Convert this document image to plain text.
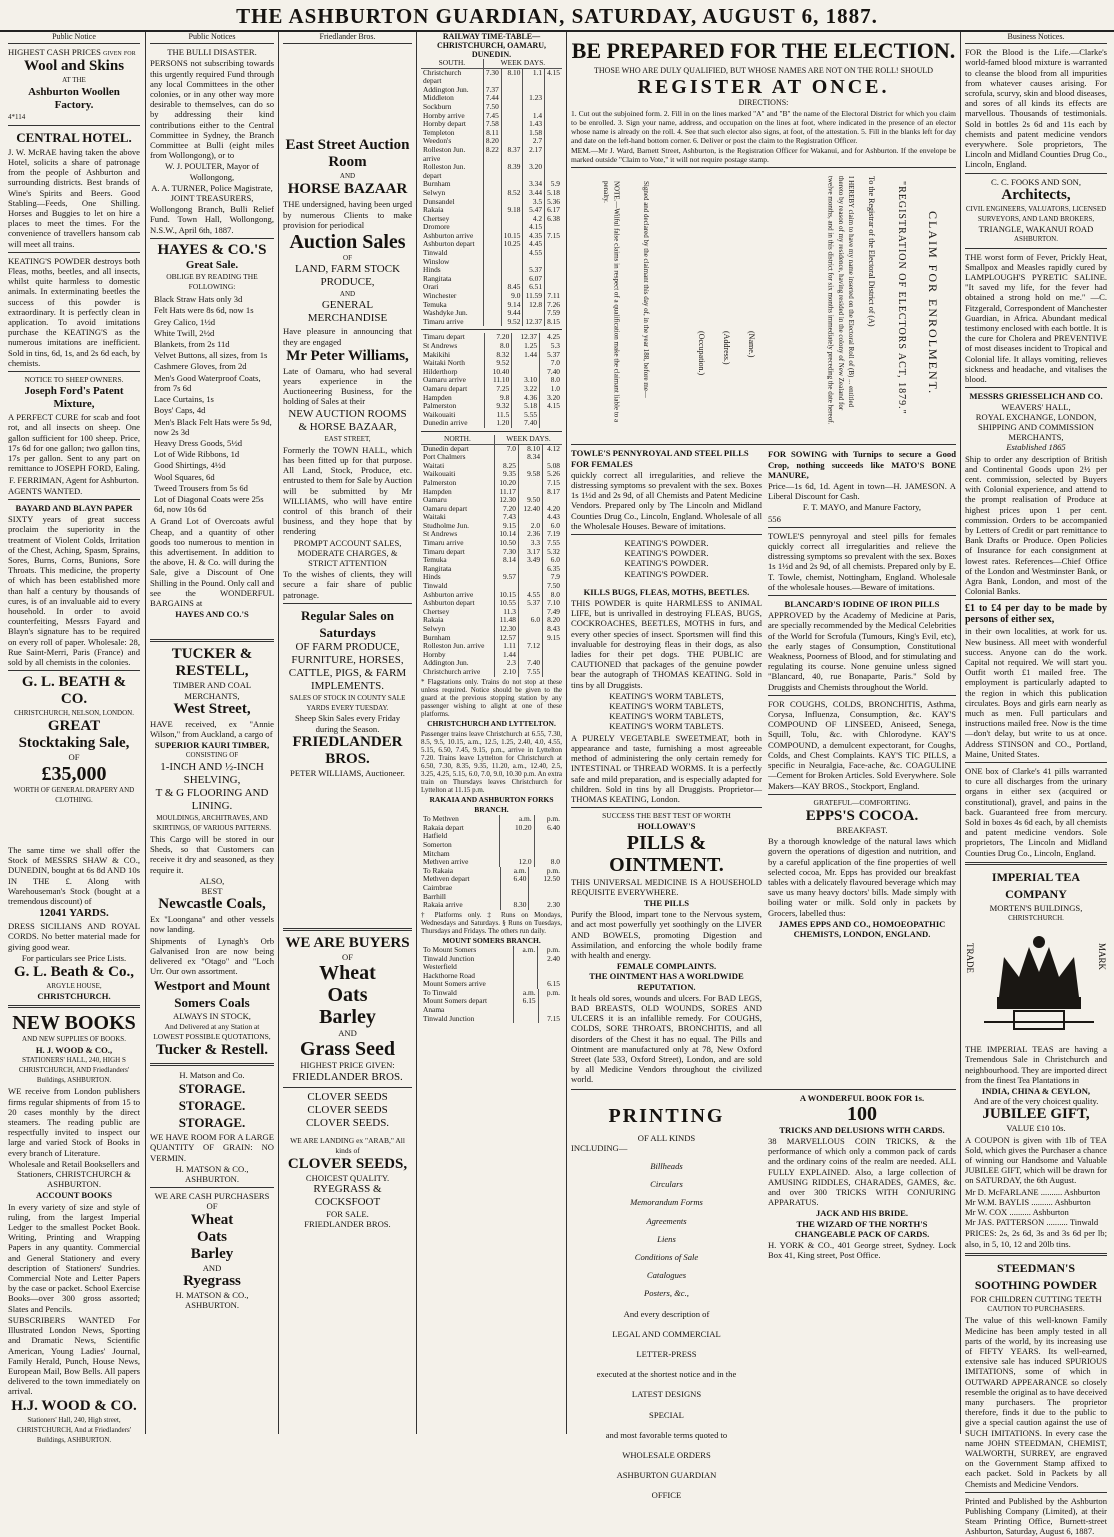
THE ASHBURTON GUARDIAN, SATURDAY, AUGUST 6, 1887.
Public Notice

HIGHEST CASH PRICES given for

Wool and Skins
AT THE
Ashburton Woollen Factory.
4*114
CENTRAL HOTEL.

J. W. McRAE having taken the above Hotel, solicits a share of patronage from the people of Ashburton and surrounding districts. Best brands of Wine's Spirits and Beers. Good Stabling—Feeds, One Shilling. Horses and Buggies to let on hire a places to meet the times. For the convenience of travellers hansom cab will meet all trains.

KEATING'S POWDER destroys both Fleas, moths, beetles, and all insects, whilst quite harmless to domestic animals. In exterminating beetles the success of this powder is extraordinary. It is perfectly clean in application. To avoid imitations purchase the KEATING'S as the numerous imitations are inefficient. Sold in tins, 6d, 1s, and 2s 6d each, by chemists.

NOTICE TO SHEEP OWNERS.
Joseph Ford's Patent Mixture,

A PERFECT CURE for scab and foot rot, and all insects on sheep. One gallon sufficient for 100 sheep. Price, 17s 6d for one gallon; two gallon tins, 17s per gallon. Sent to any part on remittance to JOSEPH FORD, Ealing.

F. FERRIMAN, Agent for Ashburton.

AGENTS WANTED.

BAYARD AND BLAYN PAPER

SIXTY years of great success proclaim the superiority in the treatment of Violent Colds, Irritation of the Chest, Aching, Spasm, Sprains, Sores, Burns, Corns, Bunions, Sore Throats. This medicine, the property of which has been established more than half a century by thousands of cures, is of an invaluable aid to every household. In order to avoid counterfeiting, Messrs Fayard and Blayn's signature has to be required on every roll of paper. Wholesale: 28, Rue Saint-Merri, Paris (France) and sold by all chemists in the colonies.

G. L. BEATH & CO.
CHRISTCHURCH, NELSON, LONDON.
GREAT Stocktaking Sale,
OF
£35,000
WORTH OF GENERAL DRAPERY AND CLOTHING.

The same time we shall offer the Stock of MESSRS SHAW & CO., DUNEDIN, bought at 6s 8d AND 10s IN THE £. Along with Warehouseman's Stock (bought at a tremendous discount) of

12041 YARDS.

DRESS SICILIANS AND ROYAL CORDS. No better material made for giving good wear.

For particulars see Price Lists.

G. L. Beath & Co.,
ARGYLE HOUSE,
CHRISTCHURCH.
NEW BOOKS
AND NEW SUPPLIES OF BOOKS.
H. J. WOOD & CO.,
STATIONERS' HALL, 240, HIGH S CHRISTCHURCH, AND Friedlanders' Buildings, ASHBURTON.

WE receive from London publishers firms regular shipments of from 15 to 20 cases monthly by the direct steamers. The reading public are respectfully invited to inspect our large and varied Stock of Books in every branch of Literature.

Wholesale and Retail Booksellers and Stationers, CHRISTCHURCH & ASHBURTON.

ACCOUNT BOOKS

In every variety of size and style of ruling, from the largest Imperial Ledger to the smallest Pocket Book. Writing, Printing and Wrapping Papers in any quantity. Commercial and General Stationery and every description of Stationers' Sundries. Commercial Note and Letter Papers by the case or packet. School Exercise Books—over 300 gross assorted; Slates and Pencils.

SUBSCRIBERS WANTED For Illustrated London News, Sporting and Dramatic News, Scientific American, Young Ladies' Journal, Family Herald, Punch, House News, European Mail, Bow Bells. All papers delivered to the town immediately on arrival.

H.J. WOOD & CO.
Stationers' Hall, 240, High street, CHRISTCHURCH, And at Friedlanders' Buildings, ASHBURTON.
Public Notices
THE BULLI DISASTER.

PERSONS not subscribing towards this urgently required Fund through any local Committees in the other colonies, or in any other way more desirable to themselves, can do so by addressing their kind contributions either to the Central Committee in Sydney, the Branch Committee at Bulli (eight miles from Wollongong), or to

W. J. POULTER, Mayor of Wollongong,

A. A. TURNER, Police Magistrate, JOINT TREASURERS,

Wollongong Branch, Bulli Relief Fund. Town Hall, Wollongong, N.S.W., April 6th, 1887.

HAYES & CO.'S
Great Sale.
OBLIGE BY READING THE FOLLOWING:
Black Straw Hats only 3d
Felt Hats were 8s 6d, now 1s
Grey Calico, 1½d
White Twill, 2½d
Blankets, from 2s 11d
Velvet Buttons, all sizes, from 1s
Cashmere Gloves, from 2d
Men's Good Waterproof Coats, from 7s 6d
Lace Curtains, 1s
Boys' Caps, 4d
Men's Black Felt Hats were 5s 9d, now 2s 3d
Heavy Dress Goods, 5½d
Lot of Wide Ribbons, 1d
Good Shirtings, 4½d
Wool Squares, 6d
Tweed Trousers from 5s 6d
Lot of Diagonal Coats were 25s 6d, now 10s 6d

A Grand Lot of Overcoats awful Cheap, and a quantity of other goods too numerous to mention in this advertisement. In addition to the above, H. & Co. will during the Sale, give a Discount of One Shilling in the Pound. Only call and see the WONDERFUL BARGAINS at

HAYES AND CO.'S
TUCKER & RESTELL,
TIMBER AND COAL MERCHANTS,
West Street,

HAVE received, ex "Annie Wilson," from Auckland, a cargo of

SUPERIOR KAURI TIMBER,
CONSISTING OF
1-INCH AND ½-INCH SHELVING,
T & G FLOORING AND LINING.
MOULDINGS, ARCHITRAVES, AND SKIRTINGS, OF VARIOUS PATTERNS.

This Cargo will be stored in our Sheds, so that Customers can receive it dry and seasoned, as they require it.

ALSO,
BEST
Newcastle Coals,

Ex "Loongana" and other vessels now landing.

Shipments of Lynagh's Orb Galvanised Iron are now being delivered ex "Otago" and "Loch Urr. Our own assortment.

Westport and Mount Somers Coals
ALWAYS IN STOCK,
And Delivered at any Station at LOWEST POSSIBLE QUOTATIONS,
Tucker & Restell.
H. Matson and Co.
STORAGE. STORAGE.
STORAGE.

WE HAVE ROOM FOR A LARGE QUANTITY OF GRAIN: NO VERMIN.

H. MATSON & CO., ASHBURTON.
WE ARE CASH PURCHASERS OF
Wheat
Oats
Barley
AND
Ryegrass
H. MATSON & CO., ASHBURTON.
Friedlander Bros.
East Street Auction Room
AND
HORSE BAZAAR

THE undersigned, having been urged by numerous Clients to make provision for periodical

Auction Sales
OF
LAND, FARM STOCK PRODUCE,
AND
GENERAL MERCHANDISE

Have pleasure in announcing that they are engaged

Mr Peter Williams,

Late of Oamaru, who had several years experience in the Auctioneering Business, for the holding of Sales at their

NEW AUCTION ROOMS & HORSE BAZAAR,
EAST STREET,

Formerly the TOWN HALL, which has been fitted up for that purpose. All Land, Stock, Produce, etc. entrusted to them for Sale by Auction will be submitted by Mr WILLIAMS, who will have entire control of this branch of their business, and they hope that by rendering

PROMPT ACCOUNT SALES, MODERATE CHARGES, & STRICT ATTENTION

To the wishes of clients, they will secure a fair share of public patronage.

Regular Sales on Saturdays
OF FARM PRODUCE, FURNITURE, HORSES, CATTLE, PIGS, & FARM IMPLEMENTS.
SALES OF STOCK IN COUNTY SALE YARDS EVERY TUESDAY.
Sheep Skin Sales every Friday during the Season.
FRIEDLANDER BROS.
PETER WILLIAMS, Auctioneer.
WE ARE BUYERS
OF
Wheat
Oats
Barley
AND
Grass Seed
HIGHEST PRICE GIVEN:
FRIEDLANDER BROS.
CLOVER SEEDS
CLOVER SEEDS
CLOVER SEEDS.
WE ARE LANDING ex "ARAB," All kinds of
CLOVER SEEDS,
CHOICEST QUALITY.
RYEGRASS & COCKSFOOT
FOR SALE.
FRIEDLANDER BROS.
RAILWAY TIME-TABLE—CHRISTCHURCH, OAMARU, DUNEDIN.
SOUTH.	WEEK DAYS.			
Christchurch depart	7.30	8.10	1.1	4.15
Addington Jun.	7.37			
Middleton	7.44		1.23	
Sockburn	7.50			
Hornby arrive	7.45		1.4	
Hornby depart	7.58		1.43	
Templeton	8.11		1.58	
Weedon's	8.20		2.7	
Rolleston Jun. arrive	8.22	8.37	2.17	
Rolleston Jun. depart		8.39	3.20	
Burnham			3.34	5.9
Selwyn		8.52	3.44	5.18
Dunsandel			3.5	5.36
Rakaia		9.18	5.47	6.17
Chertsey			4.2	6.38
Dromore			4.15	
Ashburton arrive		10.15	4.35	7.15
Ashburton depart		10.25	4.45	
Tinwald			4.55	
Winslow				
Hinds			5.37	
Rangitata			6.07	
Orari		8.45	6.51	
Winchester		9.0	11.59	7.11
Temuka		9.14	12.8	7.26
Washdyke Jun.		9.44		7.59
Timaru arrive		9.52	12.37	8.15
Timaru depart	7.20	12.37	4.25
St Andrews	8.0	1.25	5.3
Makikihi	8.32	1.44	5.37
Waitaki North	9.52		7.0
Hilderthorp	10.40		7.40
Oamaru arrive	11.10	3.10	8.0
Oamaru depart	7.25	3.22	1.0
Hampden	9.8	4.36	3.20
Palmerston	9.32	5.18	4.15
Waikouaiti	11.5	5.55	
Dunedin arrive	1.20	7.40	
NORTH.	WEEK DAYS.		
Dunedin depart	7.0	8.10	4.12
Port Chalmers		8.34	
Waitati	8.25		5.08
Waikouaiti	9.35	9.58	5.26
Palmerston	10.20		7.15
Hampden	11.17		8.17
Oamaru	12.30	9.50	
Oamaru depart	7.20	12.40	4.20
Waitaki	7.43		4.43
Studholme Jun.	9.15	2.0	6.0
St Andrews	10.14	2.36	7.19
Timaru arrive	10.50	3.3	7.55
Timaru depart	7.30	3.17	5.32
Temuka	8.14	3.49	6.0
Rangitata			6.35
Hinds	9.57		7.9
Tinwald			7.50
Ashburton arrive	10.15	4.55	8.0
Ashburton depart	10.55	5.37	7.10
Chertsey	11.3		7.49
Rakaia	11.48	6.0	8.20
Selwyn	12.30		8.43
Burnham	12.57		9.15
Rolleston Jun. arrive	1.11	7.12	
Hornby	1.44		
Addington Jun.	2.3	7.40	
Christchurch arrive	2.10	7.55	

* Flagstations only. Trains do not stop at these unless required. Notice should be given to the guard at the previous stopping station by any passenger wishing to alight at one of these platforms.

CHRISTCHURCH AND LYTTELTON.

Passenger trains leave Christchurch at 6.55, 7.30, 8.5, 9.5, 10.15, a.m., 12.5, 1.25, 2.40, 4.0, 4.55, 5.15, 6.50, 7.45, 9.15, p.m., arrive in Lyttelton 7.20. Trains leave Lyttelton for Christchurch at 6.50, 7.30, 8.35, 9.35, 11.20, a.m., 12.40, 2.5, 3.25, 4.25, 5.15, 6.0, 7.0, 9.0, 10.30 p.m. An extra train on Thursdays leaves Christchurch for Lyttelton at 11.15 p.m.

RAKAIA AND ASHBURTON FORKS BRANCH.
To Methven	a.m.	p.m.
Rakaia depart	10.20	6.40
Hatfield		
Somerton		
Mitcham		
Methven arrive	12.0	8.0
To Rakaia	a.m.	p.m.
Methven depart	6.40	12.50
Cairnbrae		
Barrhill		
Rakaia arrive	8.30	2.30

† Platforms only. ‡ Runs on Mondays, Wednesdays and Saturdays. § Runs on Tuesdays, Thursdays and Fridays. The others run daily.

MOUNT SOMERS BRANCH.
To Mount Somers	a.m.	p.m.
Tinwald Junction		2.40
Westerfield		
Hackthorne Road		
Mount Somers arrive		6.15
To Tinwald	a.m.	p.m.
Mount Somers depart	6.15	
Anama		
Tinwald Junction		7.15
BE PREPARED FOR THE ELECTION.
THOSE WHO ARE DULY QUALIFIED, BUT WHOSE NAMES ARE NOT ON THE ROLL! SHOULD
REGISTER AT ONCE.
DIRECTIONS:

1. Cut out the subjoined form. 2. Fill in on the lines marked "A" and "B" the name of the Electoral District for which you claim to be enrolled. 3. Sign your name, address, and occupation on the lines at foot, where indicated in the presence of an elector whose name is already on the roll. 4. See that such elector also signs, at foot, of the attestation. 5. Fill in the blanks left for day and date on the left-hand bottom corner. 6. Deliver or post the claim to the Registration Officer.

MEM.—Mr J. Ward, Barnett Street, Ashburton, is the Registration Officer for Wakanui, and for Ashburton. If the envelope be marked outside "Claim to Vote," it will not require postage stamp.

"REGISTRATION OF ELECTORS ACT, 1879." CLAIM FOR ENROLMENT.
To the Registrar of the Electoral District of (A)
I HEREBY claim to have my name inserted on the Electoral Roll of (B) ... entitled thereto by reason of my residence, having resided in the colony of New Zealand for twelve months, and in this district for six months immediately preceding the date hereof.
(Name.)
(Address.)
(Occupation.)
Signed and declared by the claimant this day of, in the year 188, before me—
NOTE.—Wilful false claims in respect of a qualification make the claimant liable to a penalty.
TOWLE'S PENNYROYAL AND STEEL PILLS FOR FEMALES

quickly correct all irregularities, and relieve the distressing symptoms so prevalent with the sex. Boxes 1s 1½d and 2s 9d, of all Chemists and Patent Medicine Vendors. Prepared only by The Lincoln and Midland Counties Drug Co., Lincoln, England. Wholesale of all the Wholesale Houses. Beware of imitations.

KEATING'S POWDER.
KEATING'S POWDER.
KEATING'S POWDER.
KEATING'S POWDER.
KILLS BUGS, FLEAS, MOTHS, BEETLES.

THIS POWDER is quite HARMLESS to ANIMAL LIFE, but is unrivalled in destroying FLEAS, BUGS, COCKROACHES, BEETLES, MOTHS in furs, and every other species of insect. Sportsmen will find this invaluable for destroying fleas in their dogs, as also ladies for their pet dogs. THE PUBLIC are CAUTIONED that packages of the genuine powder bear the autograph of THOMAS KEATING. Sold in tins by all Druggists.

KEATING'S WORM TABLETS,
KEATING'S WORM TABLETS,
KEATING'S WORM TABLETS,
KEATING'S WORM TABLETS.

A PURELY VEGETABLE SWEETMEAT, both in appearance and taste, furnishing a most agreeable method of administering the only certain remedy for INTESTINAL or THREAD WORMS. It is a perfectly safe and mild preparation, and is especially adapted for children. Sold in tins by all Druggists. Proprietor—THOMAS KEATING, London.

SUCCESS THE BEST TEST OF WORTH
HOLLOWAY'S
PILLS & OINTMENT.

THIS UNIVERSAL MEDICINE IS A HOUSEHOLD REQUISITE EVERYWHERE.

THE PILLS

Purify the Blood, impart tone to the Nervous system, and act most powerfully yet soothingly on the LIVER AND BOWELS, promoting Digestion and Assimilation, and enforcing the whole bodily frame with health and energy.

FEMALE COMPLAINTS.
THE OINTMENT HAS A WORLDWIDE REPUTATION.

It heals old sores, wounds and ulcers. For BAD LEGS, BAD BREASTS, OLD WOUNDS, SORES AND ULCERS it is an infallible remedy. For COUGHS, COLDS, SORE THROATS, BRONCHITIS, and all disorders of the Chest it has no equal. The Pills and Ointment are manufactured only at 78, New Oxford Street (late 533, Oxford Street), London, and are sold by all Medicine Vendors throughout the civilized world.

FOR SOWING with Turnips to secure a Good Crop, nothing succeeds like MATO'S BONE MANURE,

Price—1s 6d, 1d. Agent in town—H. JAMESON. A Liberal Discount for Cash.

F. T. MAYO, and Manure Factory,

556

TOWLE'S pennyroyal and steel pills for females quickly correct all irregularities and relieve the distressing symptoms so prevalent with the sex. Boxes 1s 1½d and 2s 9d, of all chemists. Prepared only by E. T. Towle, chemist, Nottingham, England. Wholesale of the wholesale houses.—Beware of imitations.

BLANCARD'S IODINE OF IRON PILLS

APPROVED by the Academy of Medicine at Paris, are specially recommended by the Medical Celebrities of the World for Scrofula (Tumours, King's Evil, etc), the early stages of Consumption, Constitutional Weakness, Poorness of Blood, and for stimulating and regulating its course. None genuine unless signed "Blancard, 40, rue Bonaparte, Paris." Sold by Druggists and Chemists throughout the World.

FOR COUGHS, COLDS, BRONCHITIS, Asthma, Corysa, Influenza, Consumption, &c. KAY'S COMPOUND OF LINSEED, Aniseed, Senega, Squill, Tolu, &c. with Chlorodyne. KAY'S COMPOUND, a demulcent expectorant, for Coughs, Colds, and Chest Complaints. KAY'S TIC PILLS, a specific in Neuralgia, Face-ache, &c. COAGULINE—Cement for Broken Articles. Sold Everywhere. Sole Makers—KAY BROS., Stockport, England.

GRATEFUL—COMFORTING.
EPPS'S COCOA.
BREAKFAST.

By a thorough knowledge of the natural laws which govern the operations of digestion and nutrition, and by a careful application of the fine properties of well selected cocoa, Mr. Epps has provided our breakfast tables with a delicately flavoured beverage which may save us many heavy doctors' bills. Made simply with boiling water or milk. Sold only in packets by Grocers, labelled thus:

JAMES EPPS AND CO., HOMOEOPATHIC CHEMISTS, LONDON, ENGLAND.
PRINTING
OF ALL KINDS
INCLUDING—
Billheads
Circulars
Memorandum Forms
Agreements
Liens
Conditions of Sale
Catalogues
Posters, &c.,
And every description of
LEGAL AND COMMERCIAL
LETTER-PRESS
executed at the shortest notice and in the
LATEST DESIGNS
SPECIAL
and most favorable terms quoted to
WHOLESALE ORDERS
ASHBURTON GUARDIAN
OFFICE
A WONDERFUL BOOK FOR 1s.
100
TRICKS AND DELUSIONS WITH CARDS.

38 MARVELLOUS COIN TRICKS, & the performance of which only a common pack of cards and the ordinary coins of the realm are needed. ALL FULLY EXPLAINED. Also, a large collection of AMUSING RIDDLES, CHARADES, GAMES, &c. and over 300 TRICKS WITH CONJURING APPARATUS.

JACK AND HIS BRIDE.
THE WIZARD OF THE NORTH'S CHANGEABLE PACK OF CARDS.

H. YORK & CO., 401 George street, Sydney. Lock Box 41, King street, Post Office.

Business Notices.

FOR the Blood is the Life.—Clarke's world-famed blood mixture is warranted to cleanse the blood from all impurities from whatever causes arising. For scrofula, scurvy, skin and blood diseases, and sores of all kinds its effects are marvellous. Thousands of testimonials. Sold in bottles 2s 6d and 11s each by chemists and patent medicine vendors everywhere. Sole proprietors, The Lincoln and Midland Counties Drug Co., Lincoln, England.

C. C. FOOKS AND SON,
Architects,
CIVIL ENGINEERS, VALUATORS, LICENSED SURVEYORS, AND LAND BROKERS,
TRIANGLE, WAKANUI ROAD
ASHBURTON.

THE worst form of Fever, Prickly Heat, Smallpox and Measles rapidly cured by LAMPLOUGH'S PYRETIC SALINE. "It saved my life, for the fever had obtained a strong hold on me." —C. Fitzgerald, Correspondent of Manchester Guardian, in Africa. Abundant medical testimony enclosed with each bottle. It is the cure for Cholera and PREVENTIVE of most diseases incident to Tropical and Colonial life. It allays vomiting, relieves sickness and headache, and vitalises the blood.

MESSRS GRIESSELICH AND CO.
WEAVERS' HALL,
ROYAL EXCHANGE, LONDON,
SHIPPING AND COMMISSION MERCHANTS,
Established 1865

Ship to order any description of British and Continental Goods upon 2½ per cent. commission, selected by Buyers with Colonial experience, and attend to the prompt realisation of Produce at highest prices upon 1 per cent. commission. Orders to be accompanied by Letters of Credit or part remittance to Bank Drafts or Produce. Open Policies of Insurance for each consignment at lowest rates. References—Chief Office of the London and Westminster Bank, or Agra Bank, London, and most of the Colonial Banks.

£1 to £4 per day to be made by persons of either sex,

in their own localities, at work for us. New business. All meet with wonderful success. Anyone can do the work. Capital not required. We will start you. Outfit worth £1 mailed free. The employment is particularly adapted to the region in which this publication circulates. Boys and girls earn nearly as much as men. Full particulars and instructions mailed free. Now is the time—don't delay, but write to us at once. Address STINSON and CO., Portland, Maine, United States.

ONE box of Clarke's 41 pills warranted to cure all discharges from the urinary organs in either sex (acquired or constitutional), gravel, and pains in the back. Guaranteed free from mercury. Sold in boxes 4s 6d each, by all chemists and patent medicine vendors. Sole proprietors, The Lincoln and Midland Counties Drug Co., Lincoln, England.

IMPERIAL TEA COMPANY
MORTEN'S BUILDINGS,
CHRISTCHURCH.
TRADE	MARK

THE IMPERIAL TEAS are having a Tremendous Sale in Christchurch and neighbourhood. They are imported direct from the finest Tea Plantations in

INDIA, CHINA & CEYLON,
And are of the very choicest quality.
JUBILEE GIFT,
VALUE £10 10s.

A COUPON is given with 1lb of TEA Sold, which gives the Purchaser a chance of winning our Handsome and Valuable JUBILEE GIFT, which will be drawn for on SATURDAY, the 6th August.

Mr D. McFARLANE .......... Ashburton
Mr W.M. BAYLIS .......... Ashburton
Mr W. COX .......... Ashburton
Mr JAS. PATTERSON .......... Tinwald

PRICES: 2s, 2s 6d, 3s and 3s 6d per lb; also, in 5, 10, 12 and 20lb tins.

STEEDMAN'S SOOTHING POWDER
FOR CHILDREN CUTTING TEETH
CAUTION TO PURCHASERS.

The value of this well-known Family Medicine has been amply tested in all parts of the world, by its increasing use of FIFTY YEARS. Its well-earned, extensive sale has induced SPURIOUS IMITATIONS, some of which in OUTWARD APPEARANCE so closely resemble the original as to have deceived many purchasers. The proprietor therefore, finds it due to the public to give a special caution against the use of SUCH IMITATIONS. In every case the name JOHN STEEDMAN, CHEMIST, WALWORTH, SURREY, are engraved on the Government Stamp affixed to each packet. Sold in Packets by all Chemists and Medicine Vendors.

Printed and Published by the Ashburton Publishing Company (Limited), at their Steam Printing Office, Burnett-street Ashburton, Saturday, August 6, 1887.
